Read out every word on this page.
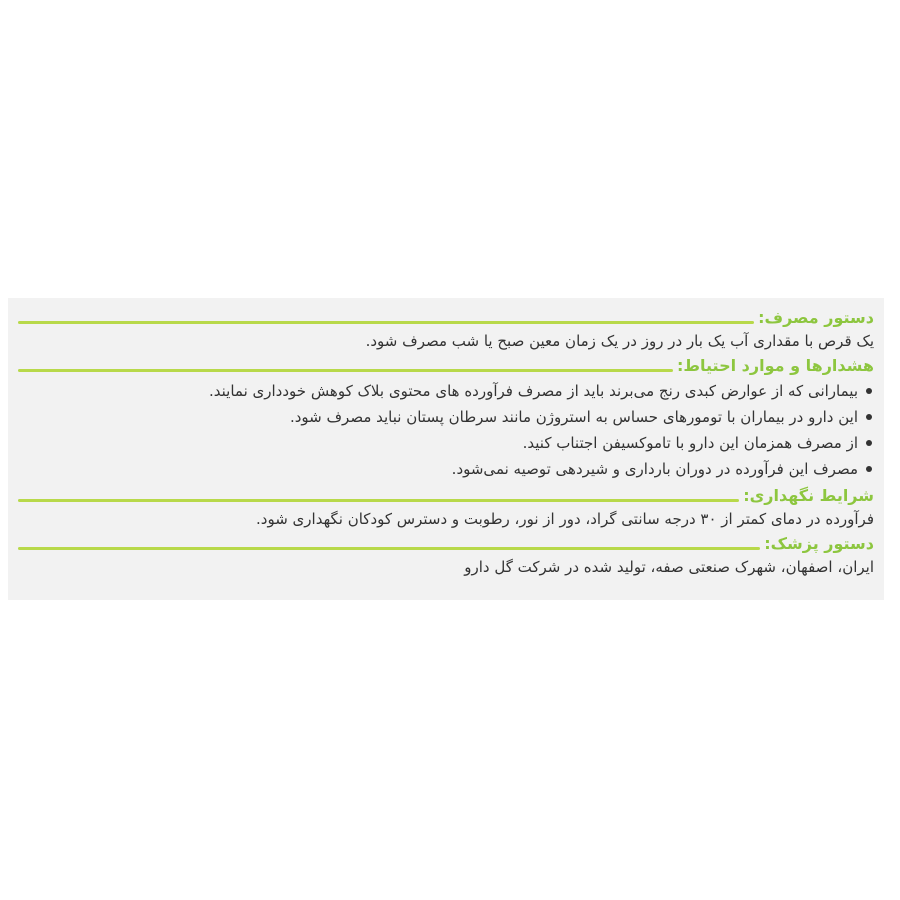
دستور مصرف:
یک قرص با مقداری آب یک بار در روز در یک زمان معین صبح یا شب مصرف شود.
هشدارها و موارد احتیاط:
بیمارانی که از عوارض کبدی رنج می‌برند باید از مصرف فرآورده های محتوی بلاک کوهش خودداری نمایند.
این دارو در بیماران با تومورهای حساس به استروژن مانند سرطان پستان نباید مصرف شود.
از مصرف همزمان این دارو با تاموکسیفن اجتناب کنید.
مصرف این فرآورده در دوران بارداری و شیردهی توصیه نمی‌شود.
شرایط نگهداری:
فرآورده در دمای کمتر از ۳۰ درجه سانتی گراد، دور از نور، رطوبت و دسترس کودکان نگهداری شود.
دستور پزشک:
ایران، اصفهان، شهرک صنعتی صفه، تولید شده در شرکت گل دارو
